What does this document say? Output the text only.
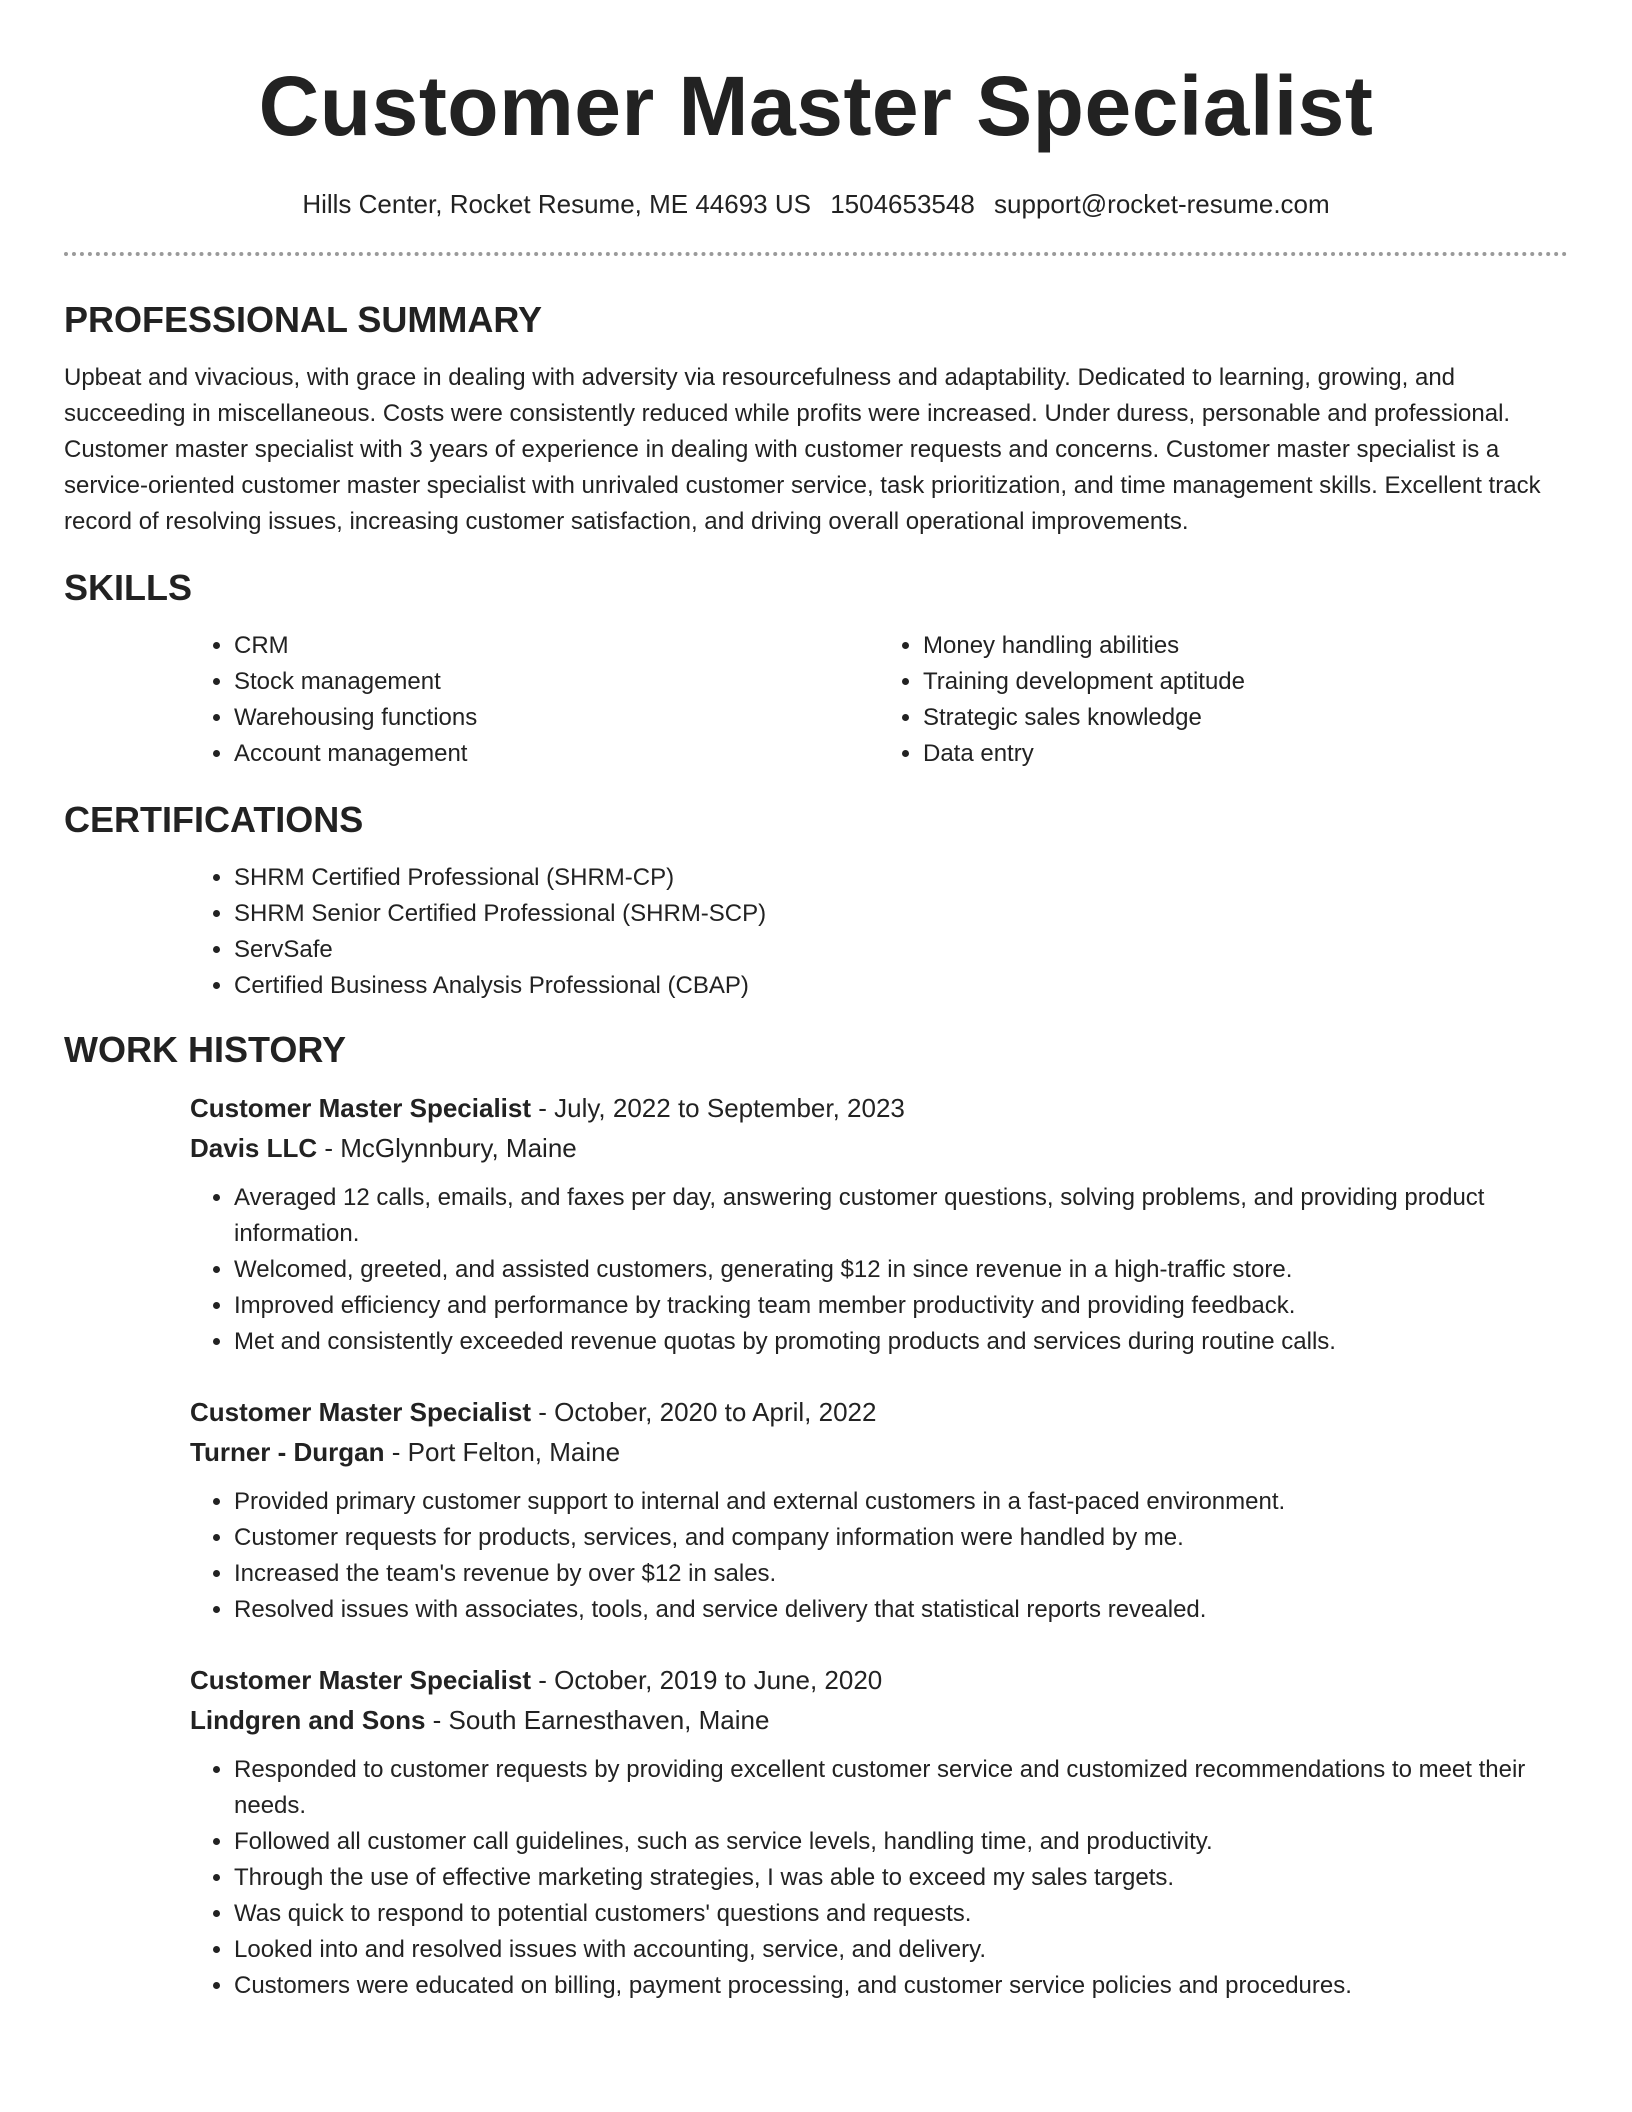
Customer Master Specialist
Hills Center, Rocket Resume, ME 44693 US 1504653548 support@rocket-resume.com
PROFESSIONAL SUMMARY

Upbeat and vivacious, with grace in dealing with adversity via resourcefulness and adaptability. Dedicated to learning, growing, and succeeding in miscellaneous. Costs were consistently reduced while profits were increased. Under duress, personable and professional. Customer master specialist with 3 years of experience in dealing with customer requests and concerns. Customer master specialist is a service-oriented customer master specialist with unrivaled customer service, task prioritization, and time management skills. Excellent track record of resolving issues, increasing customer satisfaction, and driving overall operational improvements.

SKILLS
• CRM
• Stock management
• Warehousing functions
• Account management
• Money handling abilities
• Training development aptitude
• Strategic sales knowledge
• Data entry
CERTIFICATIONS
• SHRM Certified Professional (SHRM-CP)
• SHRM Senior Certified Professional (SHRM-SCP)
• ServSafe
• Certified Business Analysis Professional (CBAP)
WORK HISTORY

Customer Master Specialist - July, 2022 to September, 2023

Davis LLC - McGlynnbury, Maine

• Averaged 12 calls, emails, and faxes per day, answering customer questions, solving problems, and providing product information.
• Welcomed, greeted, and assisted customers, generating $12 in since revenue in a high-traffic store.
• Improved efficiency and performance by tracking team member productivity and providing feedback.
• Met and consistently exceeded revenue quotas by promoting products and services during routine calls.

Customer Master Specialist - October, 2020 to April, 2022

Turner - Durgan - Port Felton, Maine

• Provided primary customer support to internal and external customers in a fast-paced environment.
• Customer requests for products, services, and company information were handled by me.
• Increased the team's revenue by over $12 in sales.
• Resolved issues with associates, tools, and service delivery that statistical reports revealed.

Customer Master Specialist - October, 2019 to June, 2020

Lindgren and Sons - South Earnesthaven, Maine

• Responded to customer requests by providing excellent customer service and customized recommendations to meet their needs.
• Followed all customer call guidelines, such as service levels, handling time, and productivity.
• Through the use of effective marketing strategies, I was able to exceed my sales targets.
• Was quick to respond to potential customers' questions and requests.
• Looked into and resolved issues with accounting, service, and delivery.
• Customers were educated on billing, payment processing, and customer service policies and procedures.
